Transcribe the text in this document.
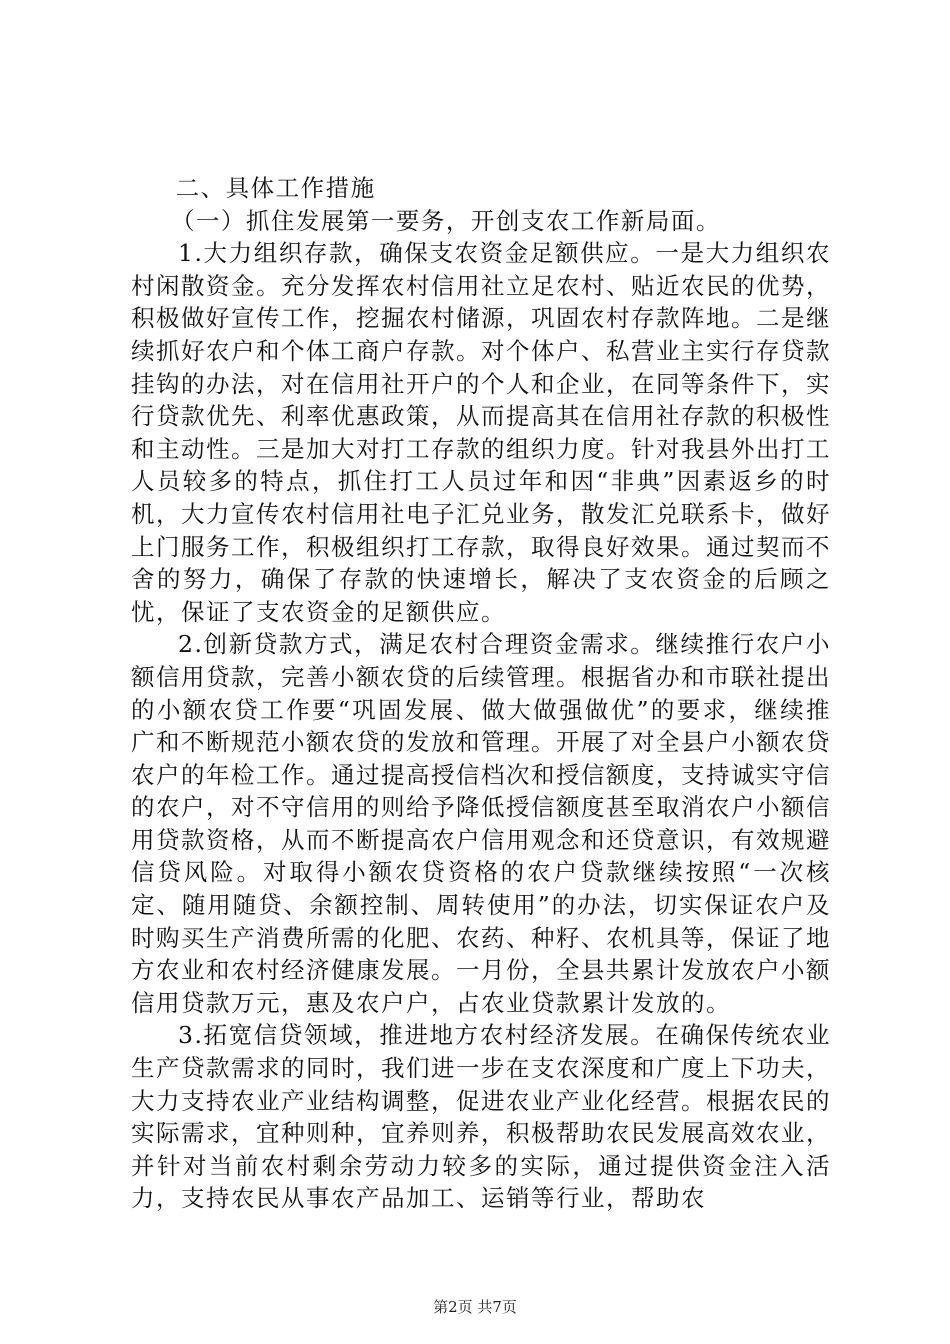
二、具体工作措施

（一）抓住发展第一要务，开创支农工作新局面。

1.大力组织存款，确保支农资金足额供应。一是大力组织农村闲散资金。充分发挥农村信用社立足农村、贴近农民的优势，积极做好宣传工作，挖掘农村储源，巩固农村存款阵地。二是继续抓好农户和个体工商户存款。对个体户、私营业主实行存贷款挂钩的办法，对在信用社开户的个人和企业，在同等条件下，实行贷款优先、利率优惠政策，从而提高其在信用社存款的积极性和主动性。三是加大对打工存款的组织力度。针对我县外出打工人员较多的特点，抓住打工人员过年和因“非典”因素返乡的时机，大力宣传农村信用社电子汇兑业务，散发汇兑联系卡，做好上门服务工作，积极组织打工存款，取得良好效果。通过契而不舍的努力，确保了存款的快速增长，解决了支农资金的后顾之忧，保证了支农资金的足额供应。

2.创新贷款方式，满足农村合理资金需求。继续推行农户小额信用贷款，完善小额农贷的后续管理。根据省办和市联社提出的小额农贷工作要“巩固发展、做大做强做优”的要求，继续推广和不断规范小额农贷的发放和管理。开展了对全县户小额农贷农户的年检工作。通过提高授信档次和授信额度，支持诚实守信的农户，对不守信用的则给予降低授信额度甚至取消农户小额信用贷款资格，从而不断提高农户信用观念和还贷意识，有效规避信贷风险。对取得小额农贷资格的农户贷款继续按照“一次核定、随用随贷、余额控制、周转使用”的办法，切实保证农户及时购买生产消费所需的化肥、农药、种籽、农机具等，保证了地方农业和农村经济健康发展。一月份，全县共累计发放农户小额信用贷款万元，惠及农户户，占农业贷款累计发放的。

3.拓宽信贷领域，推进地方农村经济发展。在确保传统农业生产贷款需求的同时，我们进一步在支农深度和广度上下功夫，大力支持农业产业结构调整，促进农业产业化经营。根据农民的实际需求，宜种则种，宜养则养，积极帮助农民发展高效农业，并针对当前农村剩余劳动力较多的实际，通过提供资金注入活力，支持农民从事农产品加工、运销等行业，帮助农

第2页 共7页
